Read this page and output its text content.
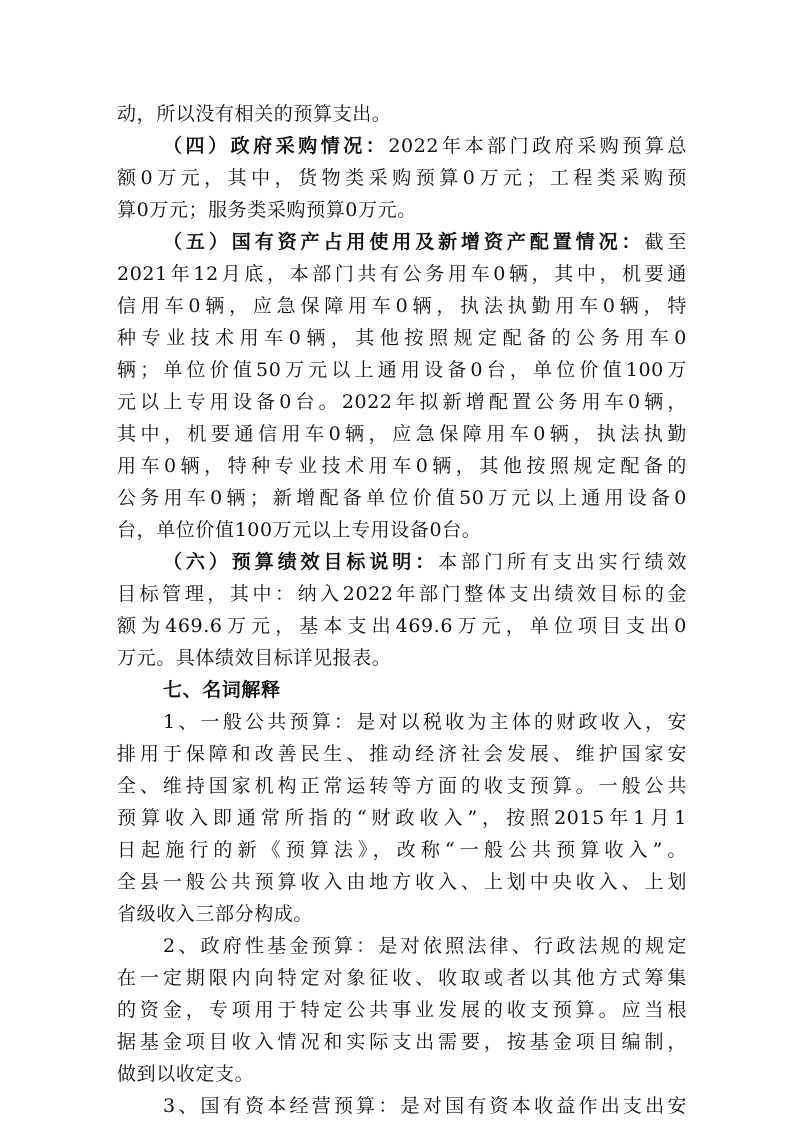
动，所以没有相关的预算支出。
（四）政府采购情况：2022年本部门政府采购预算总
额0万元，其中，货物类采购预算0万元；工程类采购预
算0万元；服务类采购预算0万元。
（五）国有资产占用使用及新增资产配置情况：截至
2021年12月底，本部门共有公务用车0辆，其中，机要通
信用车0辆，应急保障用车0辆，执法执勤用车0辆，特
种专业技术用车0辆，其他按照规定配备的公务用车0
辆；单位价值50万元以上通用设备0台，单位价值100万
元以上专用设备0台。2022年拟新增配置公务用车0辆，
其中，机要通信用车0辆，应急保障用车0辆，执法执勤
用车0辆，特种专业技术用车0辆，其他按照规定配备的
公务用车0辆；新增配备单位价值50万元以上通用设备0
台，单位价值100万元以上专用设备0台。
（六）预算绩效目标说明：本部门所有支出实行绩效
目标管理，其中：纳入2022年部门整体支出绩效目标的金
额为469.6万元，基本支出469.6万元，单位项目支出0
万元。具体绩效目标详见报表。
七、名词解释
1、一般公共预算：是对以税收为主体的财政收入，安
排用于保障和改善民生、推动经济社会发展、维护国家安
全、维持国家机构正常运转等方面的收支预算。一般公共
预算收入即通常所指的“财政收入”，按照2015年1月1
日起施行的新《预算法》，改称“一般公共预算收入”。
全县一般公共预算收入由地方收入、上划中央收入、上划
省级收入三部分构成。
2、政府性基金预算：是对依照法律、行政法规的规定
在一定期限内向特定对象征收、收取或者以其他方式筹集
的资金，专项用于特定公共事业发展的收支预算。应当根
据基金项目收入情况和实际支出需要，按基金项目编制，
做到以收定支。
3、国有资本经营预算：是对国有资本收益作出支出安
